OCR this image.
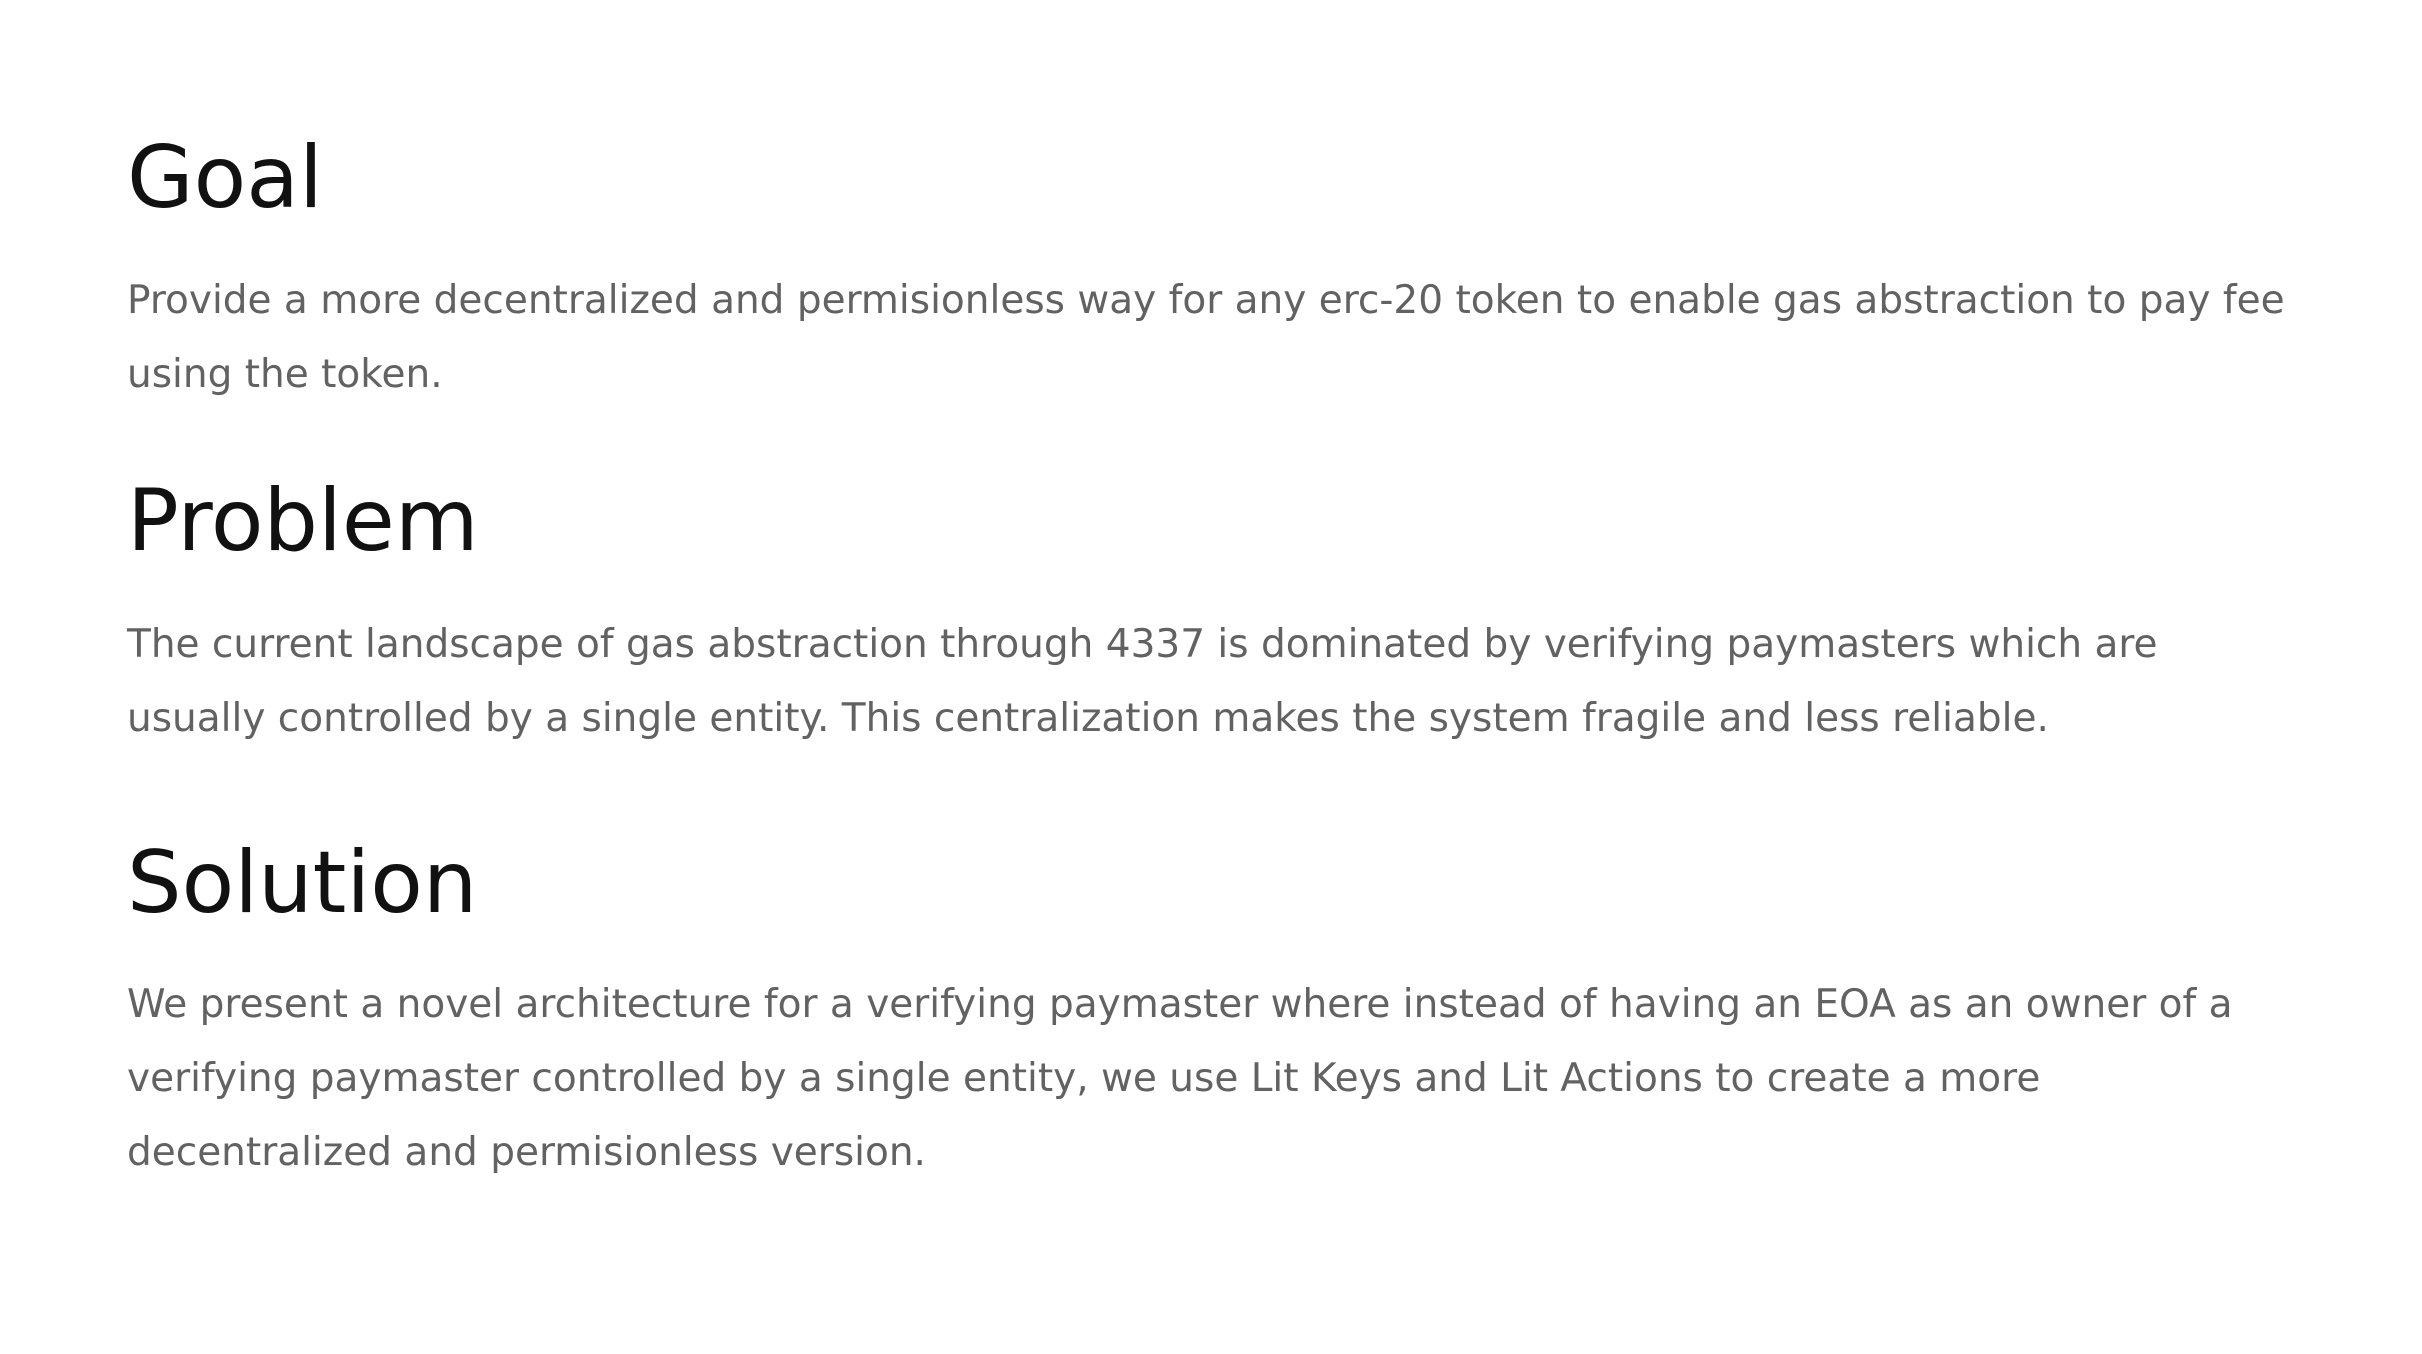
Goal

Provide a more decentralized and permisionless way for any erc-20 token to enable gas abstraction to pay fee using the token.

Problem

The current landscape of gas abstraction through 4337 is dominated by verifying paymasters which are usually controlled by a single entity. This centralization makes the system fragile and less reliable.

Solution

We present a novel architecture for a verifying paymaster where instead of having an EOA as an owner of a verifying paymaster controlled by a single entity, we use Lit Keys and Lit Actions to create a more decentralized and permisionless version.
